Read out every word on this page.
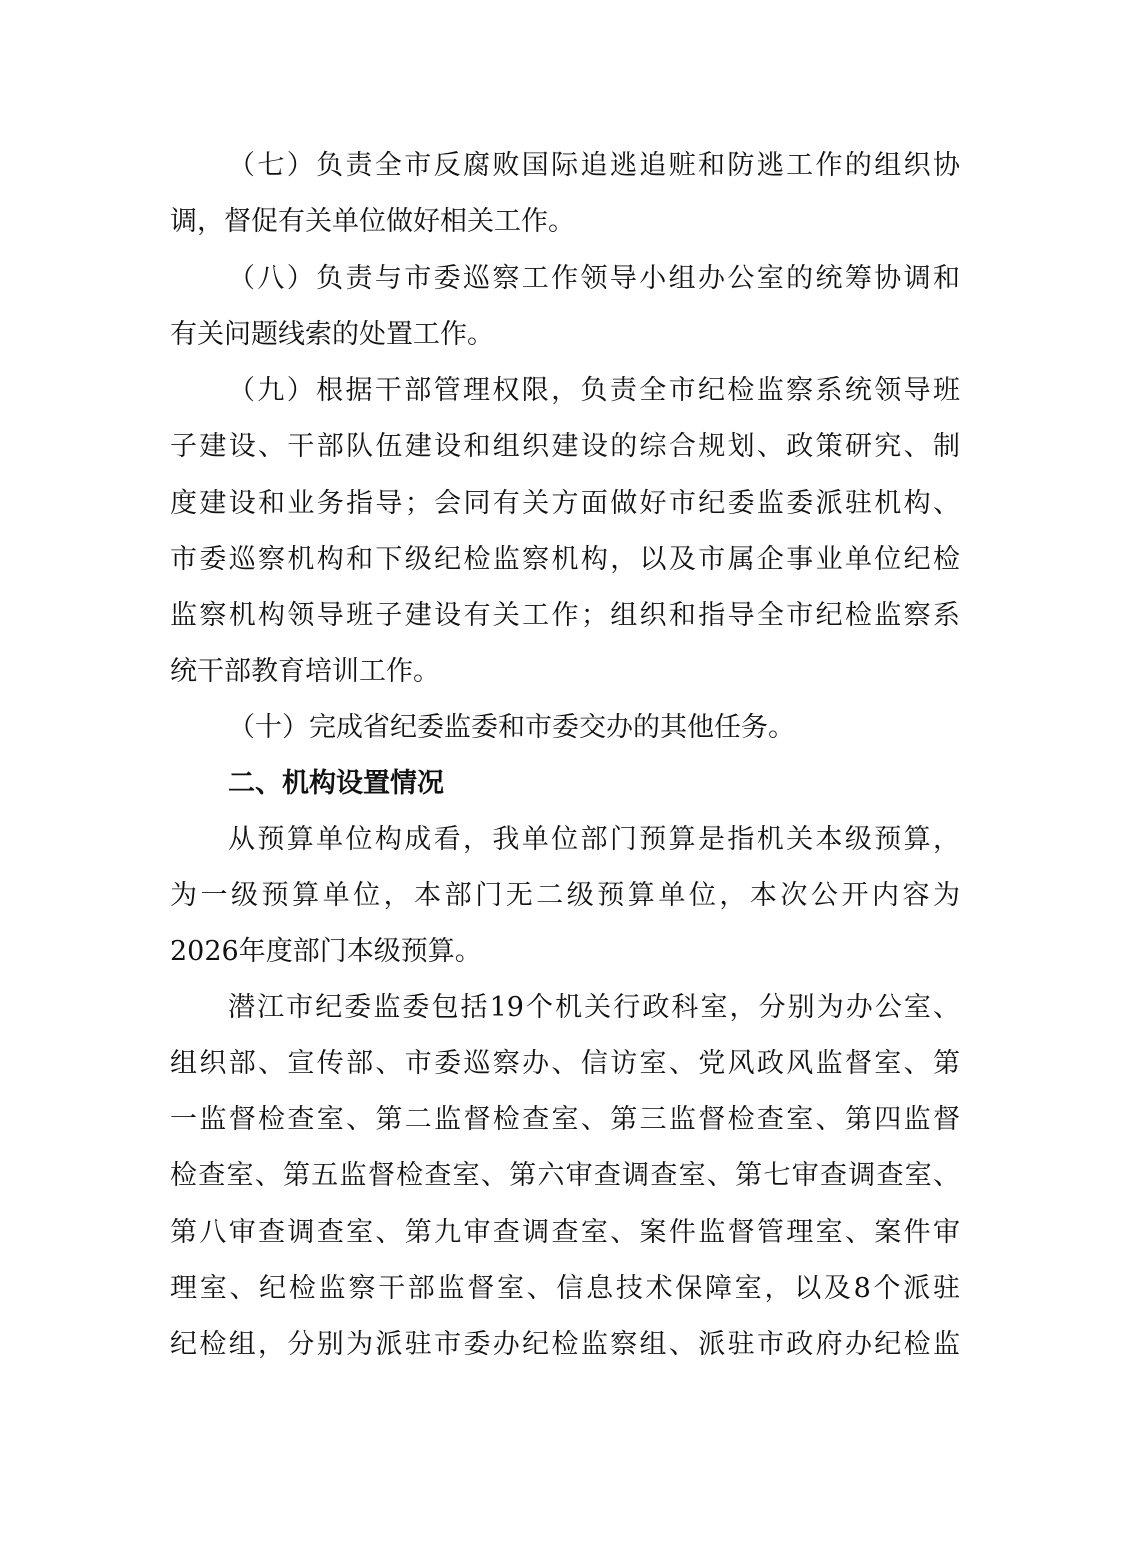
（七）负责全市反腐败国际追逃追赃和防逃工作的组织协
调，督促有关单位做好相关工作。
（八）负责与市委巡察工作领导小组办公室的统筹协调和
有关问题线索的处置工作。
（九）根据干部管理权限，负责全市纪检监察系统领导班
子建设、干部队伍建设和组织建设的综合规划、政策研究、制
度建设和业务指导；会同有关方面做好市纪委监委派驻机构、
市委巡察机构和下级纪检监察机构，以及市属企事业单位纪检
监察机构领导班子建设有关工作；组织和指导全市纪检监察系
统干部教育培训工作。
（十）完成省纪委监委和市委交办的其他任务。
二、机构设置情况
从预算单位构成看，我单位部门预算是指机关本级预算，
为一级预算单位，本部门无二级预算单位，本次公开内容为
2026年度部门本级预算。
潜江市纪委监委包括19个机关行政科室，分别为办公室、
组织部、宣传部、市委巡察办、信访室、党风政风监督室、第
一监督检查室、第二监督检查室、第三监督检查室、第四监督
检查室、第五监督检查室、第六审查调查室、第七审查调查室、
第八审查调查室、第九审查调查室、案件监督管理室、案件审
理室、纪检监察干部监督室、信息技术保障室，以及8个派驻
纪检组，分别为派驻市委办纪检监察组、派驻市政府办纪检监
